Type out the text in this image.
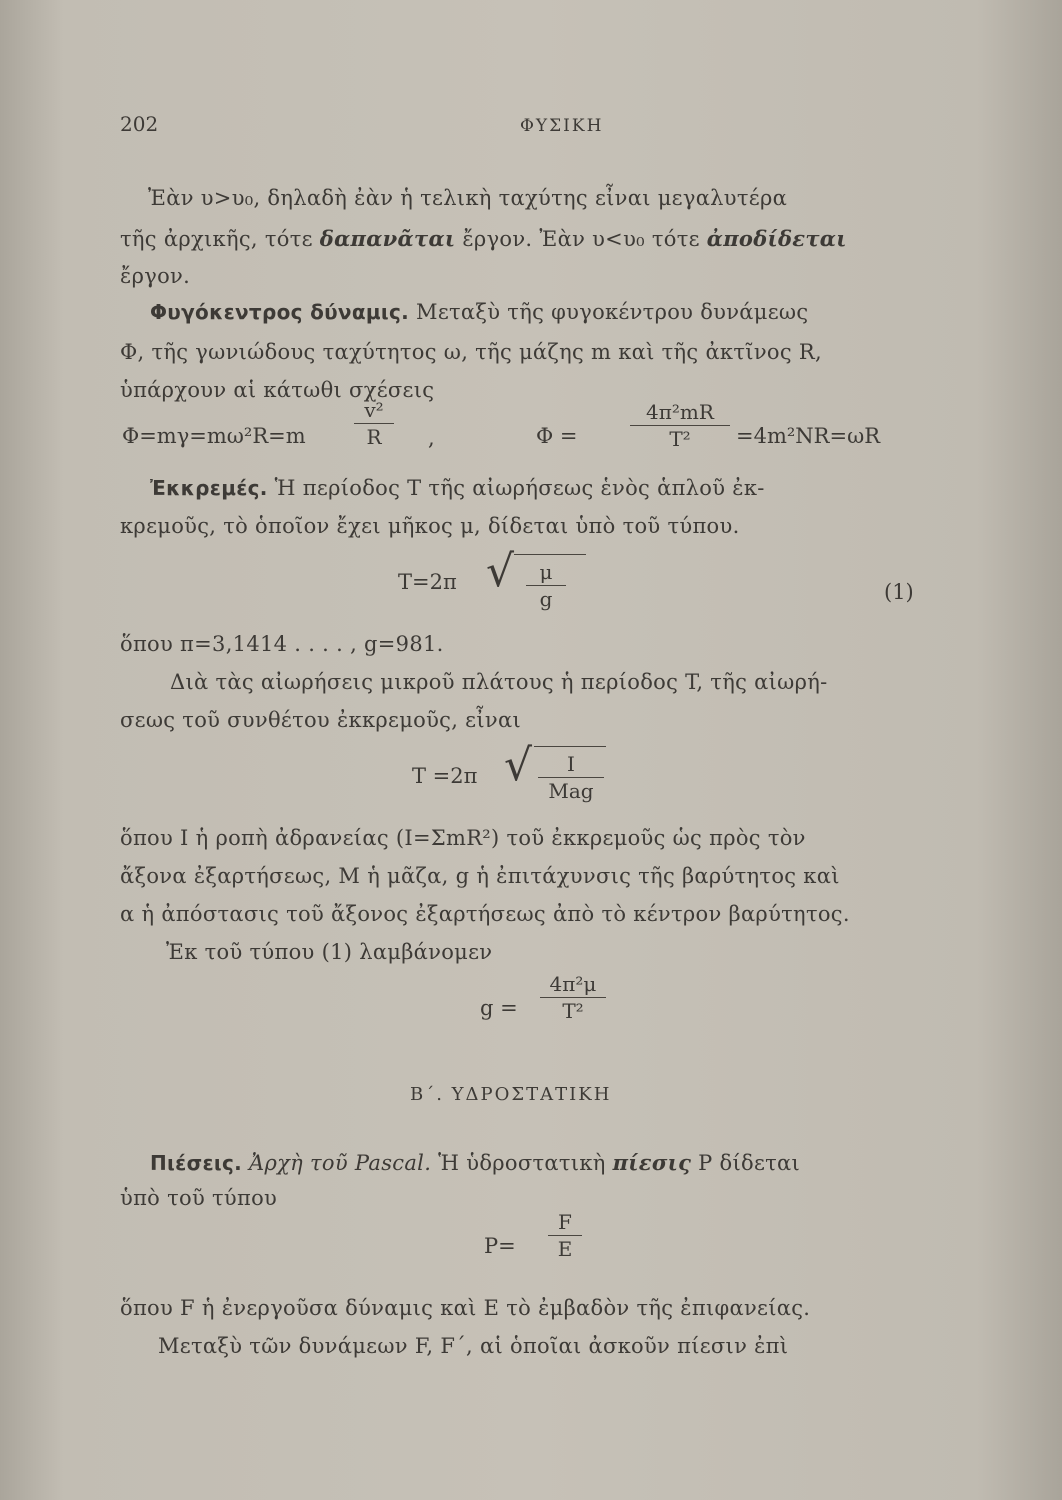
202	ΦΥΣΙΚΗ
Ἐὰν υ>υ₀, δηλαδὴ ἐὰν ἡ τελικὴ ταχύτης εἶναι μεγαλυτέρα
τῆς ἀρχικῆς, τότε δαπανᾶται ἔργον. Ἐὰν υ<υ₀ τότε ἀποδίδεται
ἔργον.
Φυγόκεντρος δύναμις. Μεταξὺ τῆς φυγοκέντρου δυνάμεως
Φ, τῆς γωνιώδους ταχύτητος ω, τῆς μάζης m καὶ τῆς ἀκτῖνος R,
ὑπάρχουν αἱ κάτωθι σχέσεις
Φ=mγ=mω²R=m
v²
R	,	Φ =
4π²mR
T²	=4m²NR=ωR
Ἐκκρεμές. Ἡ περίοδος T τῆς αἰωρήσεως ἑνὸς ἁπλοῦ ἐκ-
κρεμοῦς, τὸ ὁποῖον ἔχει μῆκος μ, δίδεται ὑπὸ τοῦ τύπου.
T=2π √	μ
g	(1)
ὅπου π=3,1414 . . . . , g=981.
Διὰ τὰς αἰωρήσεις μικροῦ πλάτους ἡ περίοδος T, τῆς αἰωρή-
σεως τοῦ συνθέτου ἐκκρεμοῦς, εἶναι
T =2π √	I
Mag
ὅπου I ἡ ροπὴ ἀδρανείας (I=ΣmR²) τοῦ ἐκκρεμοῦς ὡς πρὸς τὸν
ἄξονα ἐξαρτήσεως, M ἡ μᾶζα, g ἡ ἐπιτάχυνσις τῆς βαρύτητος καὶ
α ἡ ἀπόστασις τοῦ ἄξονος ἐξαρτήσεως ἀπὸ τὸ κέντρον βαρύτητος.
Ἐκ τοῦ τύπου (1) λαμβάνομεν
g =
4π²μ
T²
Β΄. ΥΔΡΟΣΤΑΤΙΚΗ
Πιέσεις. Ἀρχὴ τοῦ Pascal. Ἡ ὑδροστατικὴ πίεσις P δίδεται
ὑπὸ τοῦ τύπου
P=
F
E
ὅπου F ἡ ἐνεργοῦσα δύναμις καὶ E τὸ ἐμβαδὸν τῆς ἐπιφανείας.
Μεταξὺ τῶν δυνάμεων F, F΄, αἱ ὁποῖαι ἀσκοῦν πίεσιν ἐπὶ
